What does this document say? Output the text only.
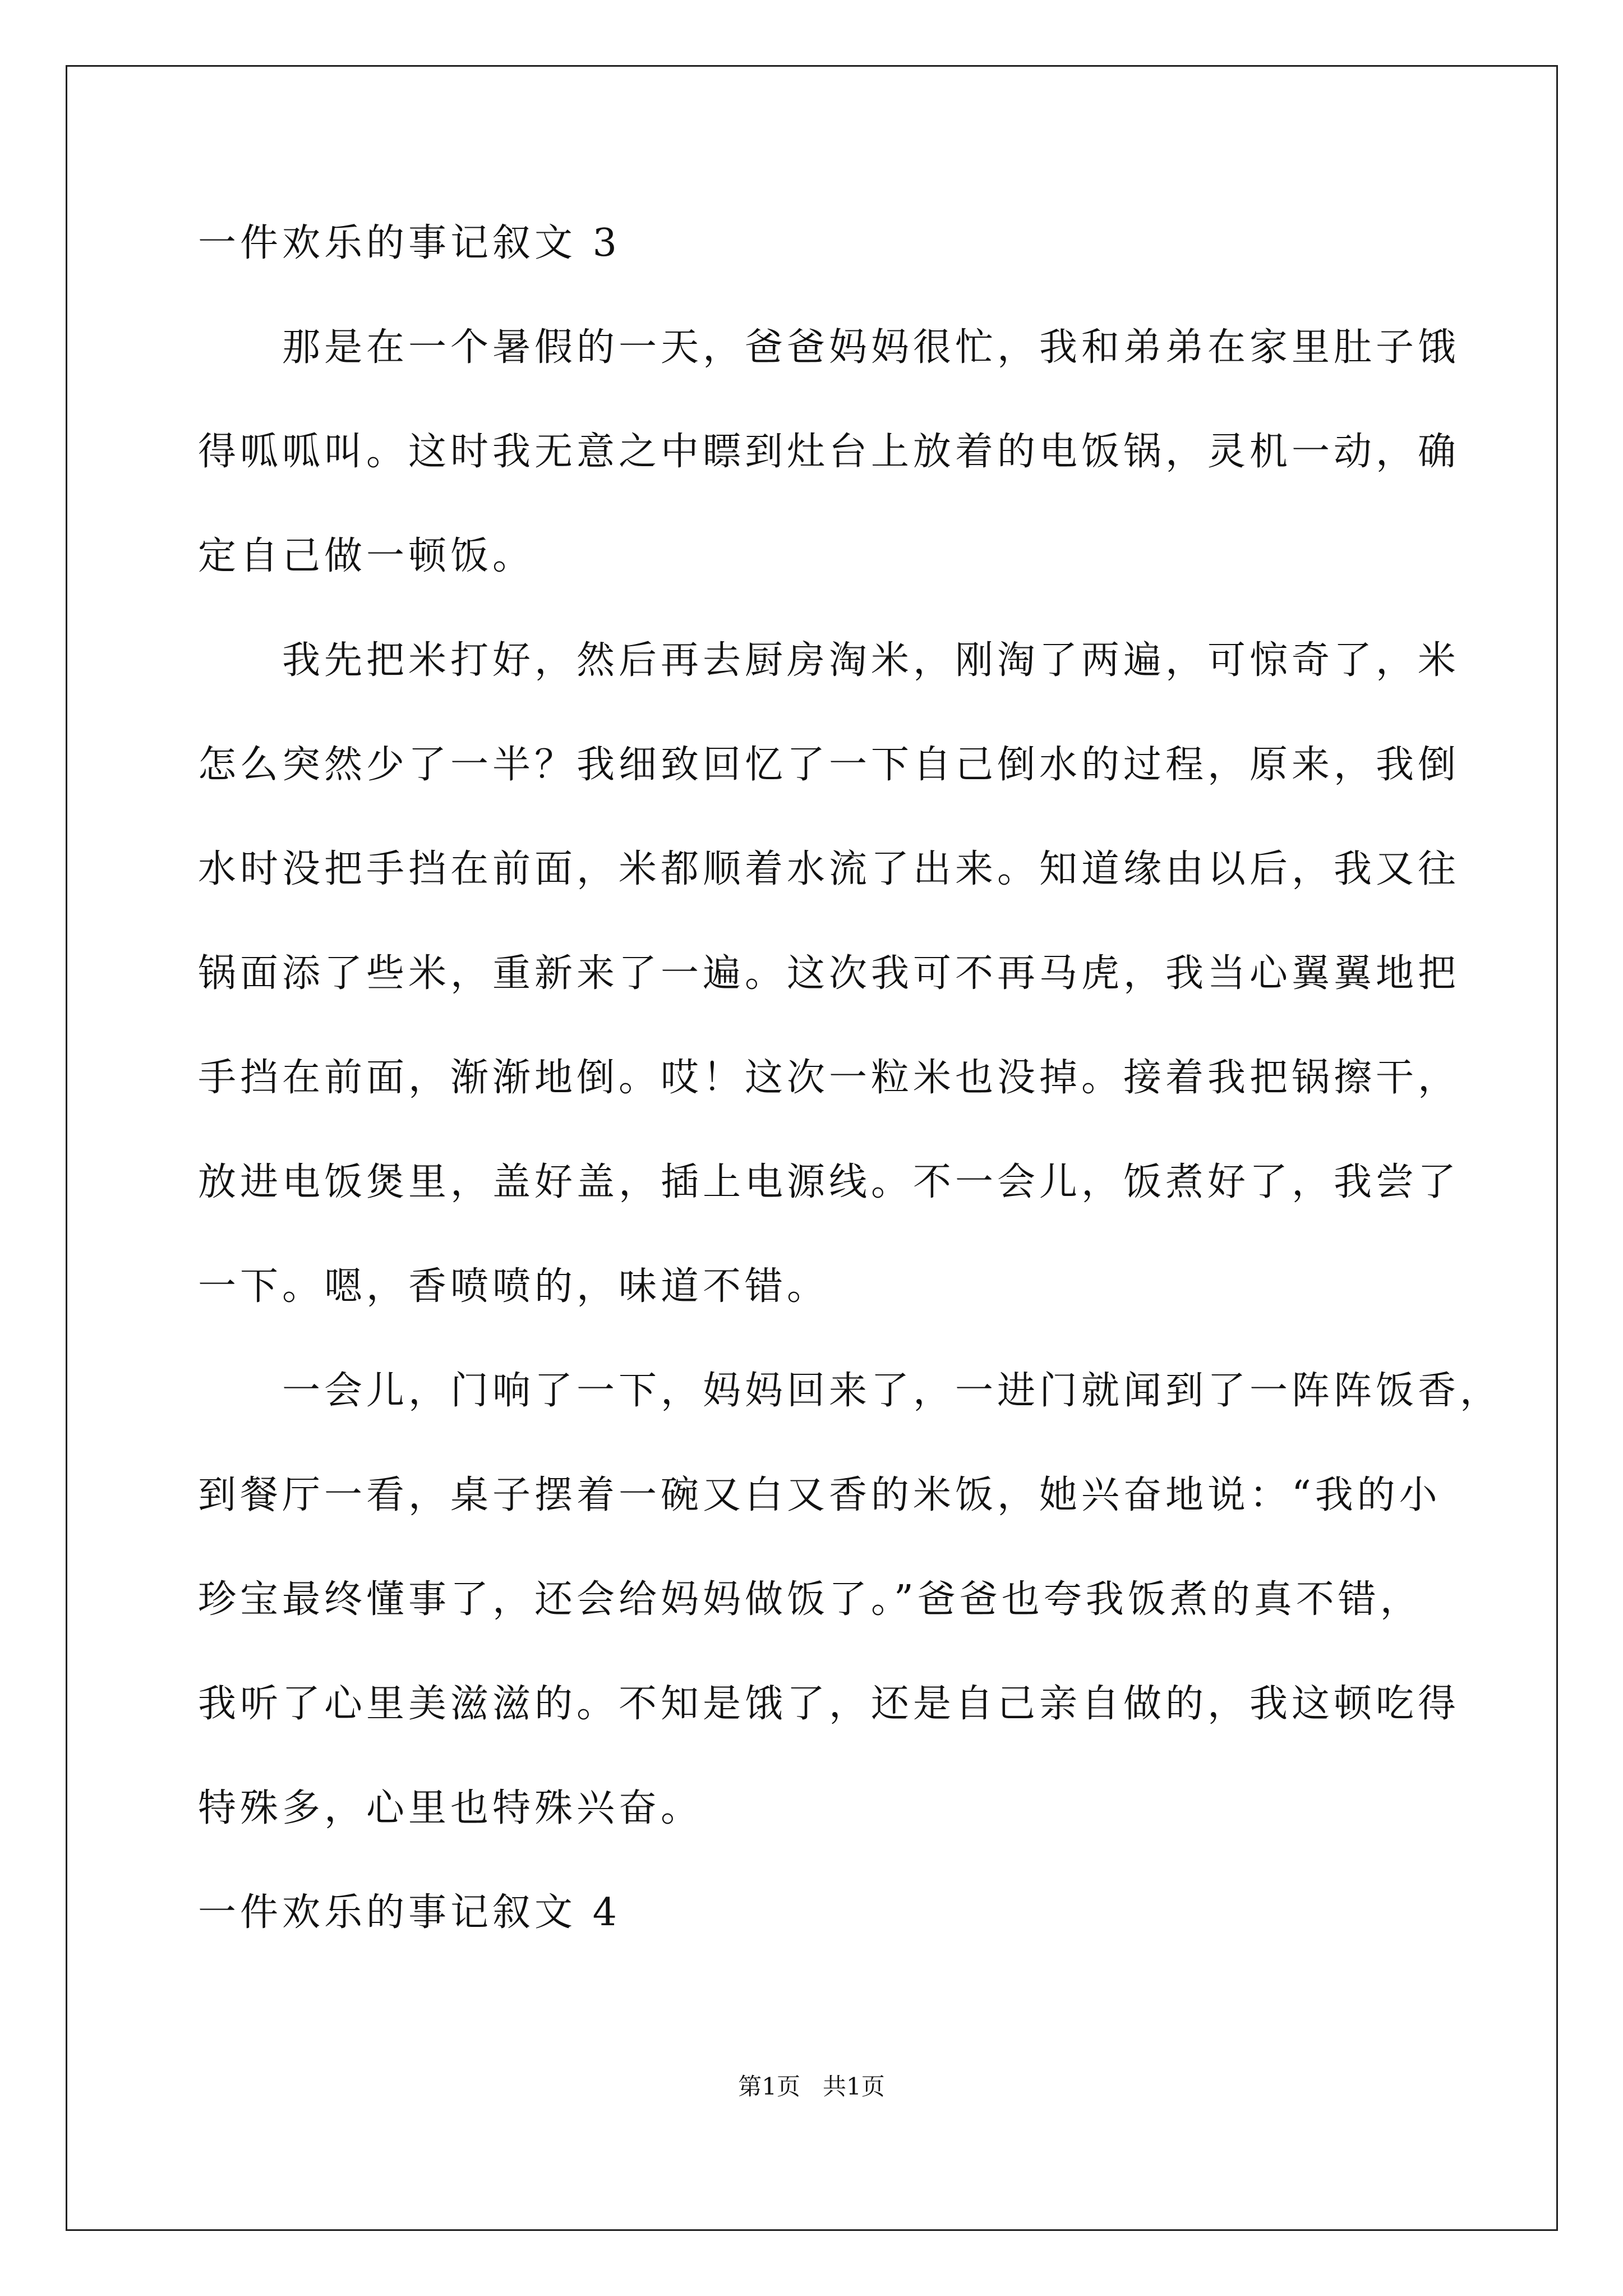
一件欢乐的事记叙文 3
那是在一个暑假的一天，爸爸妈妈很忙，我和弟弟在家里肚子饿
得呱呱叫。这时我无意之中瞟到灶台上放着的电饭锅，灵机一动，确
定自己做一顿饭。
我先把米打好，然后再去厨房淘米，刚淘了两遍，可惊奇了，米
怎么突然少了一半？我细致回忆了一下自己倒水的过程，原来，我倒
水时没把手挡在前面，米都顺着水流了出来。知道缘由以后，我又往
锅面添了些米，重新来了一遍。这次我可不再马虎，我当心翼翼地把
手挡在前面，渐渐地倒。哎！这次一粒米也没掉。接着我把锅擦干，
放进电饭煲里，盖好盖，插上电源线。不一会儿，饭煮好了，我尝了
一下。嗯，香喷喷的，味道不错。
一会儿，门响了一下，妈妈回来了，一进门就闻到了一阵阵饭香，
到餐厅一看，桌子摆着一碗又白又香的米饭，她兴奋地说：“我的小
珍宝最终懂事了，还会给妈妈做饭了。”爸爸也夸我饭煮的真不错，
我听了心里美滋滋的。不知是饿了，还是自己亲自做的，我这顿吃得
特殊多，心里也特殊兴奋。
一件欢乐的事记叙文 4
第1页   共1页
